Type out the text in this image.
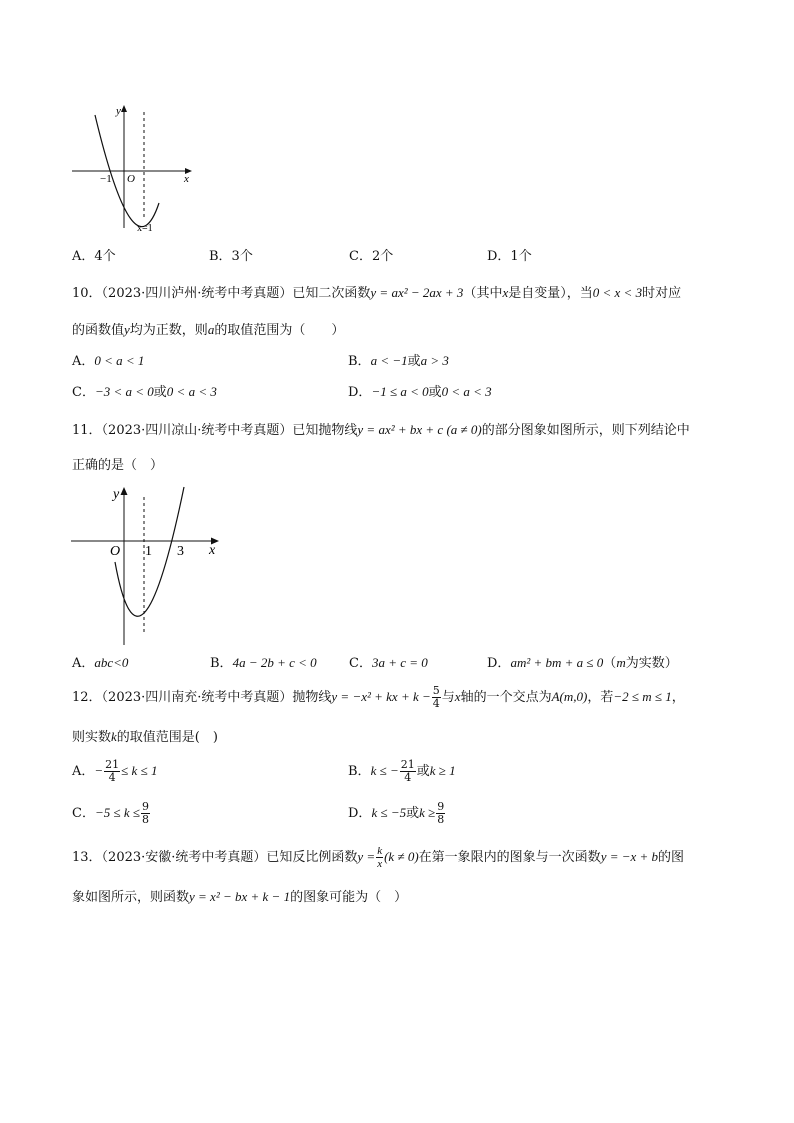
y
x
O
−1
x=1
A．4个	B．3个	C．2个	D．1个
10．（2023·四川泸州·统考中考真题）已知二次函数y = ax² − 2ax + 3（其中x是自变量），当0 < x < 3时对应
的函数值y均为正数，则a的取值范围为（　　）
A．0 < a < 1	B．a < −1或a > 3
C．−3 < a < 0或0 < a < 3	D．−1 ≤ a < 0或0 < a < 3
11．（2023·四川凉山·统考中考真题）已知抛物线y = ax² + bx + c (a ≠ 0)的部分图象如图所示，则下列结论中
正确的是（　）
y
x
O 1 3
A．abc<0	B．4a − 2b + c < 0 C．3a + c = 0	D．am² + bm + a ≤ 0（m为实数）
12．（2023·四川南充·统考中考真题）抛物线y = −x² + kx + $k - \frac{5}{4}$ 与x轴的一个交点为A(m,0)，若−2 ≤ m ≤ 1，
则实数k的取值范围是(　)
A．− $\frac{21}{4} \le k \le 1$	B．k ≤ − $\frac{21}{4}$ 或k ≥ 1
C．$-5 \le k \le \frac{9}{8}$	D．k ≤ −5或$k \ge \frac{9}{8}$
13．（2023·安徽·统考中考真题）已知反比例函数$y = \frac{k}{x} (k \ne 0)$在第一象限内的图象与一次函数y = −x + b的图
象如图所示，则函数y = x² − bx + k − 1的图象可能为（　）
